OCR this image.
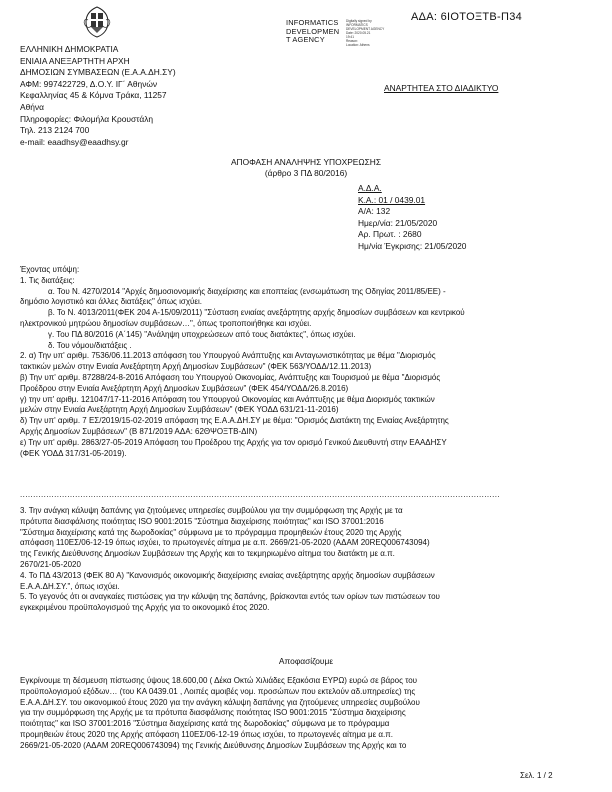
ΑΔΑ: 6ΙΟΤΟΞΤΒ-Π34
INFORMATICS
DEVELOPMEN
T AGENCY
Digitally signed by
INFORMATICS
DEVELOPMENT AGENCY
Date: 2020.05.21
19:41
Reason:
Location: Athens
ΕΛΛΗΝΙΚΗ ΔΗΜΟΚΡΑΤΙΑ
ΕΝΙΑΙΑ ΑΝΕΞΑΡΤΗΤΗ ΑΡΧΗ
ΔΗΜΟΣΙΩΝ ΣΥΜΒΑΣΕΩΝ (Ε.Α.Α.ΔΗ.ΣΥ)
ΑΦΜ: 997422729, Δ.Ο.Υ. ΙΓ΄ Αθηνών
Κεφαλληνίας 45 & Κόμνα Τράκα, 11257
Αθήνα
Πληροφορίες: Φιλομήλα Κρουστάλη
Τηλ. 213 2124 700
e-mail: eaadhsy@eaadhsy.gr
ΑΝΑΡΤΗΤΕΑ ΣΤΟ ΔΙΑΔΙΚΤΥΟ
ΑΠΟΦΑΣΗ ΑΝΑΛΗΨΗΣ ΥΠΟΧΡΕΩΣΗΣ
(άρθρο 3 ΠΔ 80/2016)
Α.Δ.Α.
Κ.Α.: 01 / 0439.01
Α/Α: 132
Ημερ/νία: 21/05/2020
Αρ. Πρωτ. : 2680
Ημ/νία Έγκρισης: 21/05/2020
Έχοντας υπόψη:
1. Τις διατάξεις:
α. Του Ν. 4270/2014 "Αρχές δημοσιονομικής διαχείρισης και εποπτείας (ενσωμάτωση της Οδηγίας 2011/85/ΕΕ) -
δημόσιο λογιστικό και άλλες διατάξεις" όπως ισχύει.
β. Το Ν. 4013/2011(ΦΕΚ 204 Α-15/09/2011) "Σύσταση ενιαίας ανεξάρτητης αρχής δημοσίων συμβάσεων και κεντρικού
ηλεκτρονικού μητρώου δημοσίων συμβάσεων…", όπως τροποποιήθηκε και ισχύει.
γ. Του ΠΔ 80/2016 (Α΄145) "Ανάληψη υποχρεώσεων από τους διατάκτες", όπως ισχύει.
δ. Του νόμου/διατάξεις .
2. α) Την υπ' αριθμ. 7536/06.11.2013 απόφαση του Υπουργού Ανάπτυξης και Ανταγωνιστικότητας με θέμα "Διορισμός
τακτικών μελών στην Ενιαία Ανεξάρτητη Αρχή Δημοσίων Συμβάσεων" (ΦΕΚ 563/ΥΟΔΔ/12.11.2013)
β) Την υπ' αριθμ. 87288/24-8-2016 Απόφαση του Υπουργού Οικονομίας, Ανάπτυξης και Τουρισμού με θέμα "Διορισμός
Προέδρου στην Ενιαία Ανεξάρτητη Αρχή Δημοσίων Συμβάσεων" (ΦΕΚ 454/ΥΟΔΔ/26.8.2016)
γ) την υπ' αριθμ. 121047/17-11-2016 Απόφαση του Υπουργού Οικονομίας και Ανάπτυξης με θέμα Διορισμός τακτικών
μελών στην Ενιαία Ανεξάρτητη Αρχή Δημοσίων Συμβάσεων" (ΦΕΚ ΥΟΔΔ 631/21-11-2016)
δ) Την υπ' αριθμ. 7 ΕΣ/2019/15-02-2019 απόφαση της Ε.Α.Α.ΔΗ.ΣΥ με θέμα: "Ορισμός Διατάκτη της Ενιαίας Ανεξάρτητης
Αρχής Δημοσίων Συμβάσεων" (Β 871/2019 ΑΔΑ: 62ΘΨΟΞΤΒ-ΔΙΝ)
ε) Την υπ' αριθμ. 2863/27-05-2019 Απόφαση του Προέδρου της Αρχής για τον ορισμό Γενικού Διευθυντή στην ΕΑΑΔΗΣΥ
(ΦΕΚ ΥΟΔΔ 317/31-05-2019).
.......................................................................................................................................................................................
3. Την ανάγκη κάλυψη δαπάνης για ζητούμενες υπηρεσίες συμβούλου για την συμμόρφωση της Αρχής με τα
πρότυπα διασφάλισης ποιότητας ISO 9001:2015 "Σύστημα διαχείρισης ποιότητας" και ISO 37001:2016
"Σύστημα διαχείρισης κατά της δωροδοκίας" σύμφωνα με το πρόγραμμα προμηθειών έτους 2020 της Αρχής
απόφαση 110ΕΣ/06-12-19 όπως ισχύει, το πρωτογενές αίτημα με α.π. 2669/21-05-2020 (ΑΔΑΜ 20REQ006743094)
της Γενικής Διεύθυνσης Δημοσίων Συμβάσεων της Αρχής και το τεκμηριωμένο αίτημα του διατάκτη με α.π.
2670/21-05-2020
4. Το ΠΔ 43/2013 (ΦΕΚ 80 Α) "Κανονισμός οικονομικής διαχείρισης ενιαίας ανεξάρτητης αρχής δημοσίων συμβάσεων
Ε.Α.Α.ΔΗ.ΣΥ.", όπως ισχύει.
5. Το γεγονός ότι οι αναγκαίες πιστώσεις για την κάλυψη της δαπάνης, βρίσκονται εντός των ορίων των πιστώσεων του
εγκεκριμένου προϋπολογισμού της Αρχής για το οικονομικό έτος 2020.
Αποφασίζουμε
Εγκρίνουμε τη δέσμευση πίστωσης ύψους 18.600,00 ( Δέκα Οκτώ Χιλιάδες Εξακόσια ΕΥΡΩ) ευρώ σε βάρος του
προϋπολογισμού εξόδων… (του ΚΑ 0439.01 , Λοιπές αμοιβές νομ. προσώπων που εκτελούν αδ.υπηρεσίες) της
Ε.Α.Α.ΔΗ.ΣΥ. του οικονομικού έτους 2020 για την ανάγκη κάλυψη δαπάνης για ζητούμενες υπηρεσίες συμβούλου
για την συμμόρφωση της Αρχής με τα πρότυπα διασφάλισης ποιότητας ISO 9001:2015 "Σύστημα διαχείρισης
ποιότητας" και ISO 37001:2016 "Σύστημα διαχείρισης κατά της δωροδοκίας" σύμφωνα με το πρόγραμμα
προμηθειών έτους 2020 της Αρχής απόφαση 110ΕΣ/06-12-19 όπως ισχύει, το πρωτογενές αίτημα με α.π.
2669/21-05-2020 (ΑΔΑΜ 20REQ006743094) της Γενικής Διεύθυνσης Δημοσίων Συμβάσεων της Αρχής και το
Σελ. 1 / 2
